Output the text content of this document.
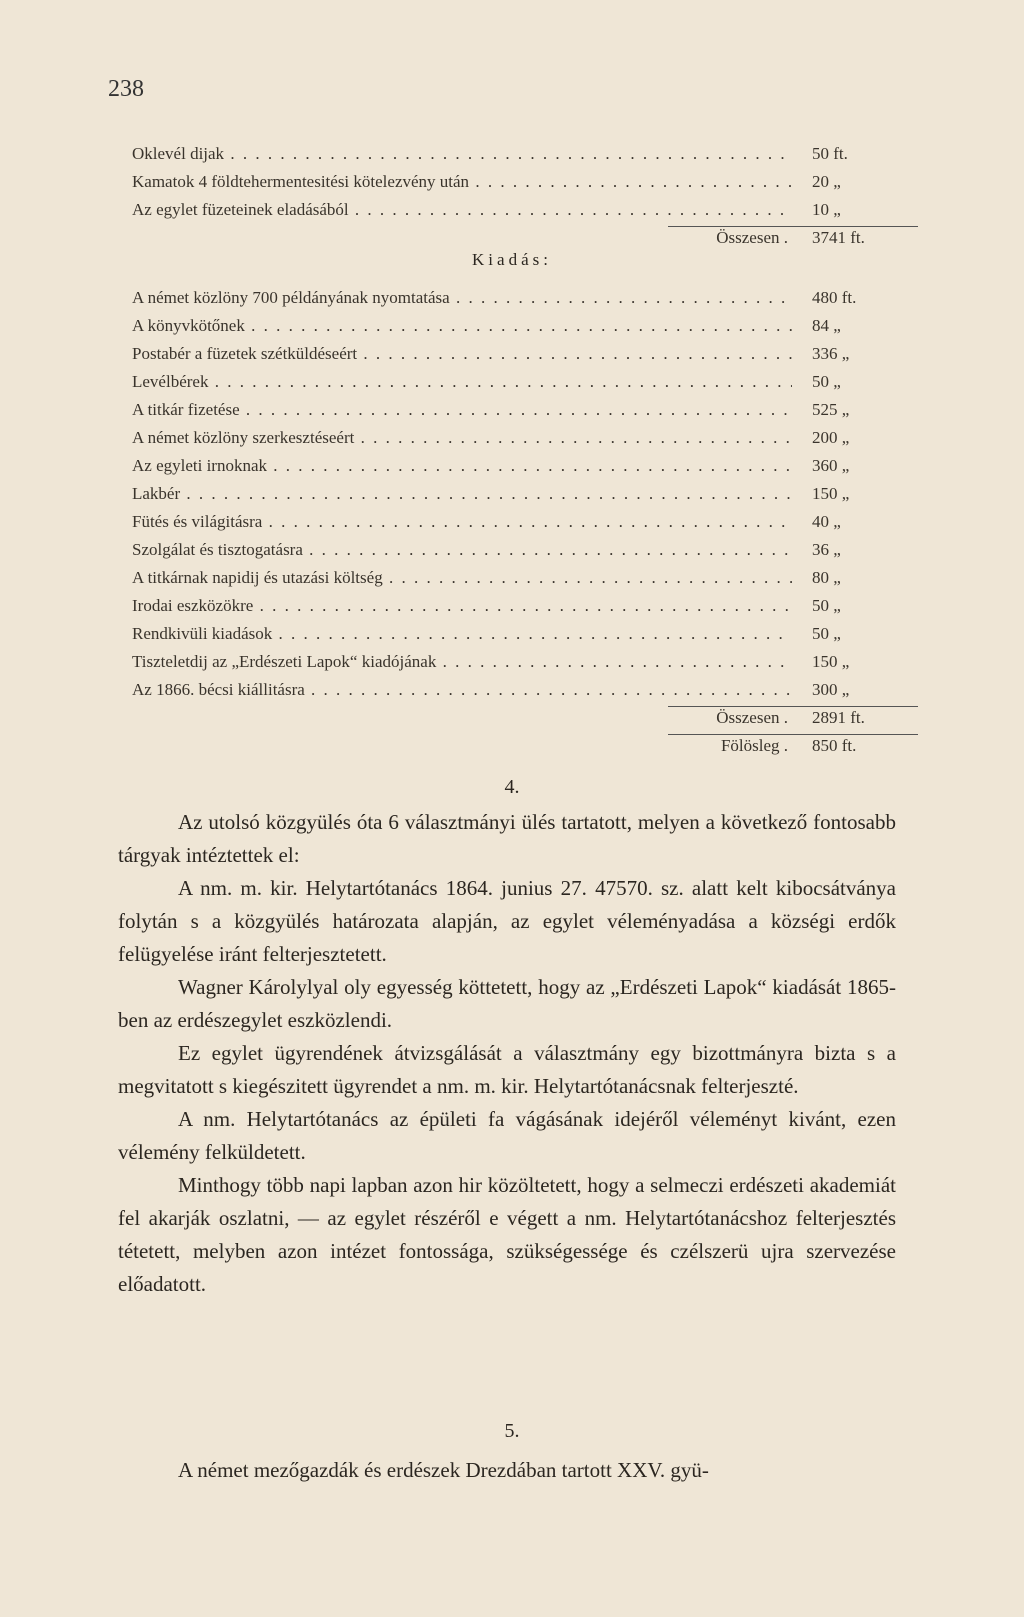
238
Oklevél dijak . . .	50 ft.
Kamatok 4 földtehermentesitési kötelezvény után . . .	20 „
Az egylet füzeteinek eladásából . . .	10 „
Összesen .	3741 ft.
Kiadás:
A német közlöny 700 példányának nyomtatása . . .	480 ft.
A könyvkötőnek . . .	84 „
Postabér a füzetek szétküldéseért . . .	336 „
Levélbérek . . .	50 „
A titkár fizetése . . .	525 „
A német közlöny szerkesztéseért . . .	200 „
Az egyleti irnoknak . . .	360 „
Lakbér . . .	150 „
Fütés és világitásra . . .	40 „
Szolgálat és tisztogatásra . . .	36 „
A titkárnak napidij és utazási költség . . .	80 „
Irodai eszközökre . . .	50 „
Rendkivüli kiadások . . .	50 „
Tiszteletdij az „Erdészeti Lapok“ kiadójának . . .	150 „
Az 1866. bécsi kiállitásra . . .	300 „
Összesen .	2891 ft.
Fölösleg .	850 ft.
4.

Az utolsó közgyülés óta 6 választmányi ülés tartatott, melyen a következő fontosabb tárgyak intéztettek el:

A nm. m. kir. Helytartótanács 1864. junius 27. 47570. sz. alatt kelt kibocsátványa folytán s a közgyülés határozata alapján, az egylet véleményadása a községi erdők felügyelése iránt felterjesztetett.

Wagner Károlylyal oly egyesség köttetett, hogy az „Erdészeti Lapok“ kiadását 1865-ben az erdészegylet eszközlendi.

Ez egylet ügyrendének átvizsgálását a választmány egy bizottmányra bizta s a megvitatott s kiegészitett ügyrendet a nm. m. kir. Helytartótanácsnak felterjeszté.

A nm. Helytartótanács az épületi fa vágásának idejéről véleményt kivánt, ezen vélemény felküldetett.

Minthogy több napi lapban azon hir közöltetett, hogy a selmeczi erdészeti akademiát fel akarják oszlatni, — az egylet részéről e végett a nm. Helytartótanácshoz felterjesztés tétetett, melyben azon intézet fontossága, szükségessége és czélszerü ujra szervezése előadatott.

5.

A német mezőgazdák és erdészek Drezdában tartott XXV. gyü-
